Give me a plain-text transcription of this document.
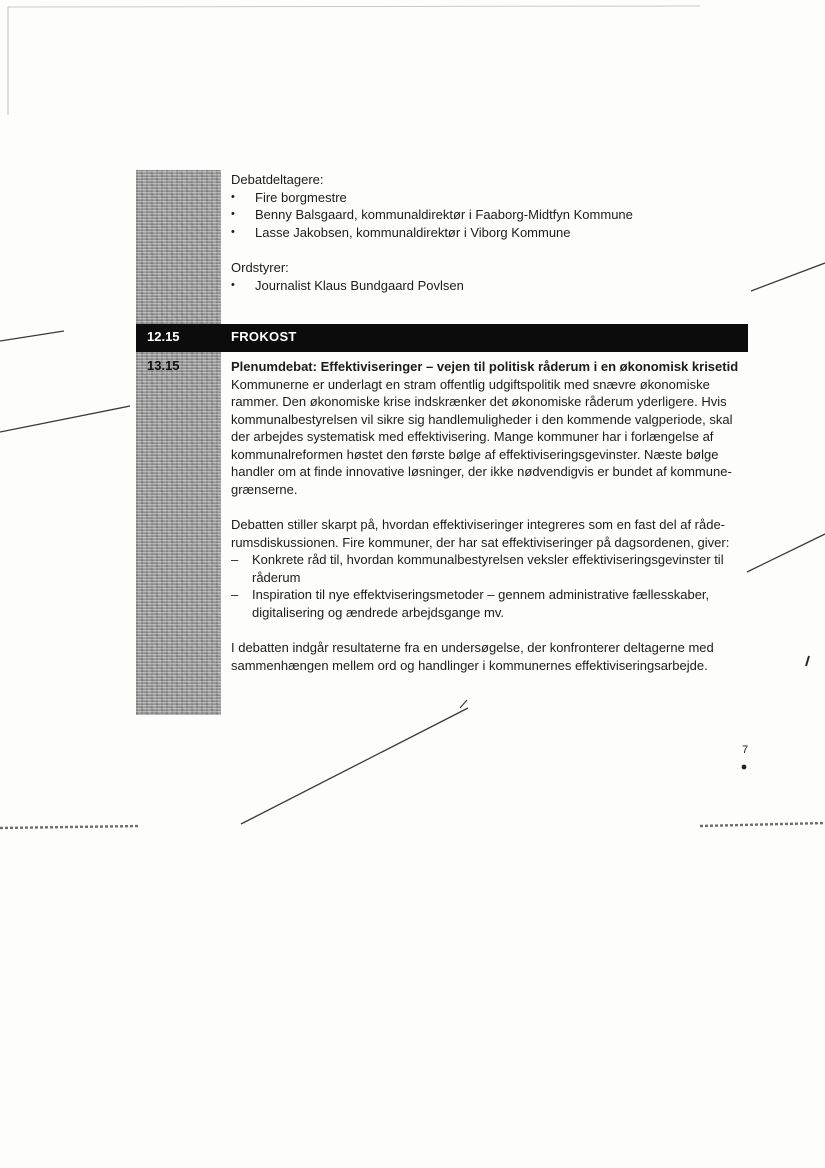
Debatdeltagere:
•	Fire borgmestre
•	Benny Balsgaard, kommunaldirektør i Faaborg-Midtfyn Kommune
•	Lasse Jakobsen, kommunaldirektør i Viborg Kommune
Ordstyrer:
•	Journalist Klaus Bundgaard Povlsen
12.15	FROKOST
13.15	Plenumdebat: Effektiviseringer – vejen til politisk råderum i en økonomisk krisetid
Kommunerne er underlagt en stram offentlig udgiftspolitik med snævre økonomiske rammer. Den økonomiske krise indskrænker det økonomiske råderum yderligere. Hvis kommunalbestyrelsen vil sikre sig handlemuligheder i den kommende valgperiode, skal der arbejdes systematisk med effektivisering. Mange kommuner har i forlængelse af kommunalreformen høstet den første bølge af effektiviseringsgevinster. Næste bølge handler om at finde innovative løsninger, der ikke nødvendigvis er bundet af kommune-grænserne.
Debatten stiller skarpt på, hvordan effektiviseringer integreres som en fast del af råde-rumsdiskussionen. Fire kommuner, der har sat effektiviseringer på dagsordenen, giver:
–	Konkrete råd til, hvordan kommunalbestyrelsen veksler effektiviseringsgevinster til råderum
–	Inspiration til nye effektviseringsmetoder – gennem administrative fællesskaber, digitalisering og ændrede arbejdsgange mv.
I debatten indgår resultaterne fra en undersøgelse, der konfronterer deltagerne med sammenhængen mellem ord og handlinger i kommunernes effektiviseringsarbejde.
7
